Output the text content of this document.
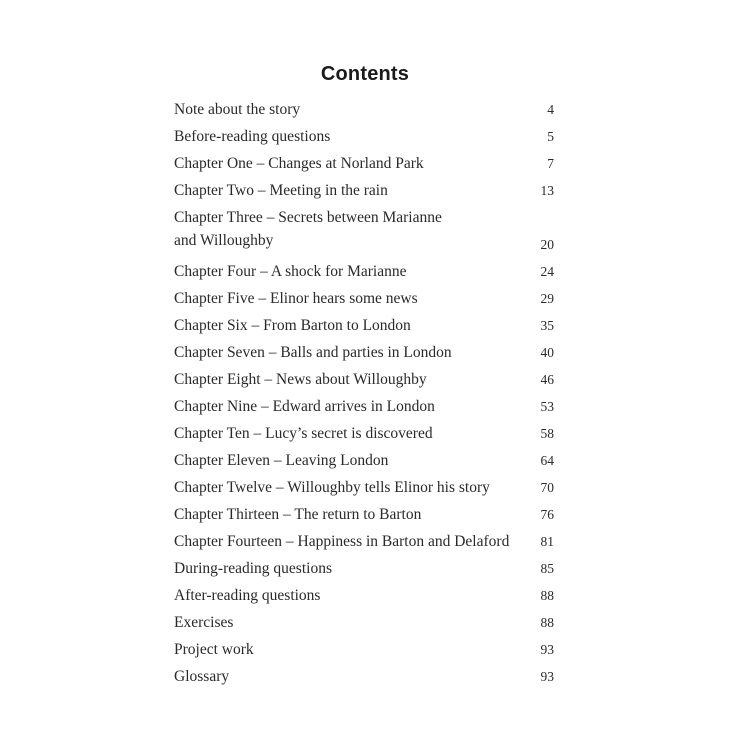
Contents
Note about the story	4
Before-reading questions	5
Chapter One – Changes at Norland Park	7
Chapter Two – Meeting in the rain	13
Chapter Three – Secrets between Marianne
and Willoughby	20
Chapter Four – A shock for Marianne	24
Chapter Five – Elinor hears some news	29
Chapter Six – From Barton to London	35
Chapter Seven – Balls and parties in London	40
Chapter Eight – News about Willoughby	46
Chapter Nine – Edward arrives in London	53
Chapter Ten – Lucy’s secret is discovered	58
Chapter Eleven – Leaving London	64
Chapter Twelve – Willoughby tells Elinor his story	70
Chapter Thirteen – The return to Barton	76
Chapter Fourteen – Happiness in Barton and Delaford	81
During-reading questions	85
After-reading questions	88
Exercises	88
Project work	93
Glossary	93
